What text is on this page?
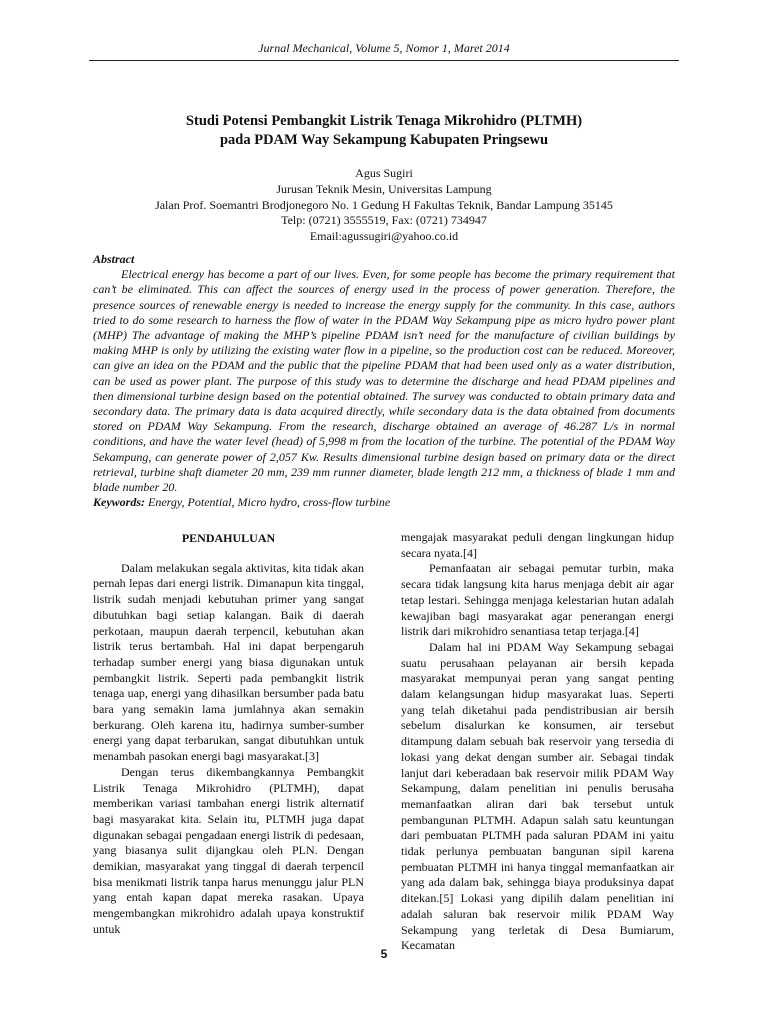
Jurnal Mechanical, Volume 5, Nomor 1, Maret 2014
Studi Potensi Pembangkit Listrik Tenaga Mikrohidro (PLTMH)
pada PDAM Way Sekampung Kabupaten Pringsewu
Agus Sugiri
Jurusan Teknik Mesin, Universitas Lampung
Jalan Prof. Soemantri Brodjonegoro No. 1 Gedung H Fakultas Teknik, Bandar Lampung 35145
Telp: (0721) 3555519, Fax: (0721) 734947
Email:agussugiri@yahoo.co.id
Abstract

Electrical energy has become a part of our lives. Even, for some people has become the primary requirement that can’t be eliminated. This can affect the sources of energy used in the process of power generation. Therefore, the presence sources of renewable energy is needed to increase the energy supply for the community. In this case, authors tried to do some research to harness the flow of water in the PDAM Way Sekampung pipe as micro hydro power plant (MHP) The advantage of making the MHP’s pipeline PDAM isn’t need for the manufacture of civilian buildings by making MHP is only by utilizing the existing water flow in a pipeline, so the production cost can be reduced. Moreover, can give an idea on the PDAM and the public that the pipeline PDAM that had been used only as a water distribution, can be used as power plant. The purpose of this study was to determine the discharge and head PDAM pipelines and then dimensional turbine design based on the potential obtained. The survey was conducted to obtain primary data and secondary data. The primary data is data acquired directly, while secondary data is the data obtained from documents stored on PDAM Way Sekampung. From the research, discharge obtained an average of 46.287 L/s in normal conditions, and have the water level (head) of 5,998 m from the location of the turbine. The potential of the PDAM Way Sekampung, can generate power of 2,057 Kw. Results dimensional turbine design based on primary data or the direct retrieval, turbine shaft diameter 20 mm, 239 mm runner diameter, blade length 212 mm, a thickness of blade 1 mm and blade number 20.

Keywords: Energy, Potential, Micro hydro, cross-flow turbine

PENDAHULUAN

Dalam melakukan segala aktivitas, kita tidak akan pernah lepas dari energi listrik. Dimanapun kita tinggal, listrik sudah menjadi kebutuhan primer yang sangat dibutuhkan bagi setiap kalangan. Baik di daerah perkotaan, maupun daerah terpencil, kebutuhan akan listrik terus bertambah. Hal ini dapat berpengaruh terhadap sumber energi yang biasa digunakan untuk pembangkit listrik. Seperti pada pembangkit listrik tenaga uap, energi yang dihasilkan bersumber pada batu bara yang semakin lama jumlahnya akan semakin berkurang. Oleh karena itu, hadirnya sumber-sumber energi yang dapat terbarukan, sangat dibutuhkan untuk menambah pasokan energi bagi masyarakat.[3]

Dengan terus dikembangkannya Pembangkit Listrik Tenaga Mikrohidro (PLTMH), dapat memberikan variasi tambahan energi listrik alternatif bagi masyarakat kita. Selain itu, PLTMH juga dapat digunakan sebagai pengadaan energi listrik di pedesaan, yang biasanya sulit dijangkau oleh PLN. Dengan demikian, masyarakat yang tinggal di daerah terpencil bisa menikmati listrik tanpa harus menunggu jalur PLN yang entah kapan dapat mereka rasakan. Upaya mengembangkan mikrohidro adalah upaya konstruktif untuk

mengajak masyarakat peduli dengan lingkungan hidup secara nyata.[4]

Pemanfaatan air sebagai pemutar turbin, maka secara tidak langsung kita harus menjaga debit air agar tetap lestari. Sehingga menjaga kelestarian hutan adalah kewajiban bagi masyarakat agar penerangan energi listrik dari mikrohidro senantiasa tetap terjaga.[4]

Dalam hal ini PDAM Way Sekampung sebagai suatu perusahaan pelayanan air bersih kepada masyarakat mempunyai peran yang sangat penting dalam kelangsungan hidup masyarakat luas. Seperti yang telah diketahui pada pendistribusian air bersih sebelum disalurkan ke konsumen, air tersebut ditampung dalam sebuah bak reservoir yang tersedia di lokasi yang dekat dengan sumber air. Sebagai tindak lanjut dari keberadaan bak reservoir milik PDAM Way Sekampung, dalam penelitian ini penulis berusaha memanfaatkan aliran dari bak tersebut untuk pembangunan PLTMH. Adapun salah satu keuntungan dari pembuatan PLTMH pada saluran PDAM ini yaitu tidak perlunya pembuatan bangunan sipil karena pembuatan PLTMH ini hanya tinggal memanfaatkan air yang ada dalam bak, sehingga biaya produksinya dapat ditekan.[5] Lokasi yang dipilih dalam penelitian ini adalah saluran bak reservoir milik PDAM Way Sekampung yang terletak di Desa Bumiarum, Kecamatan

5
